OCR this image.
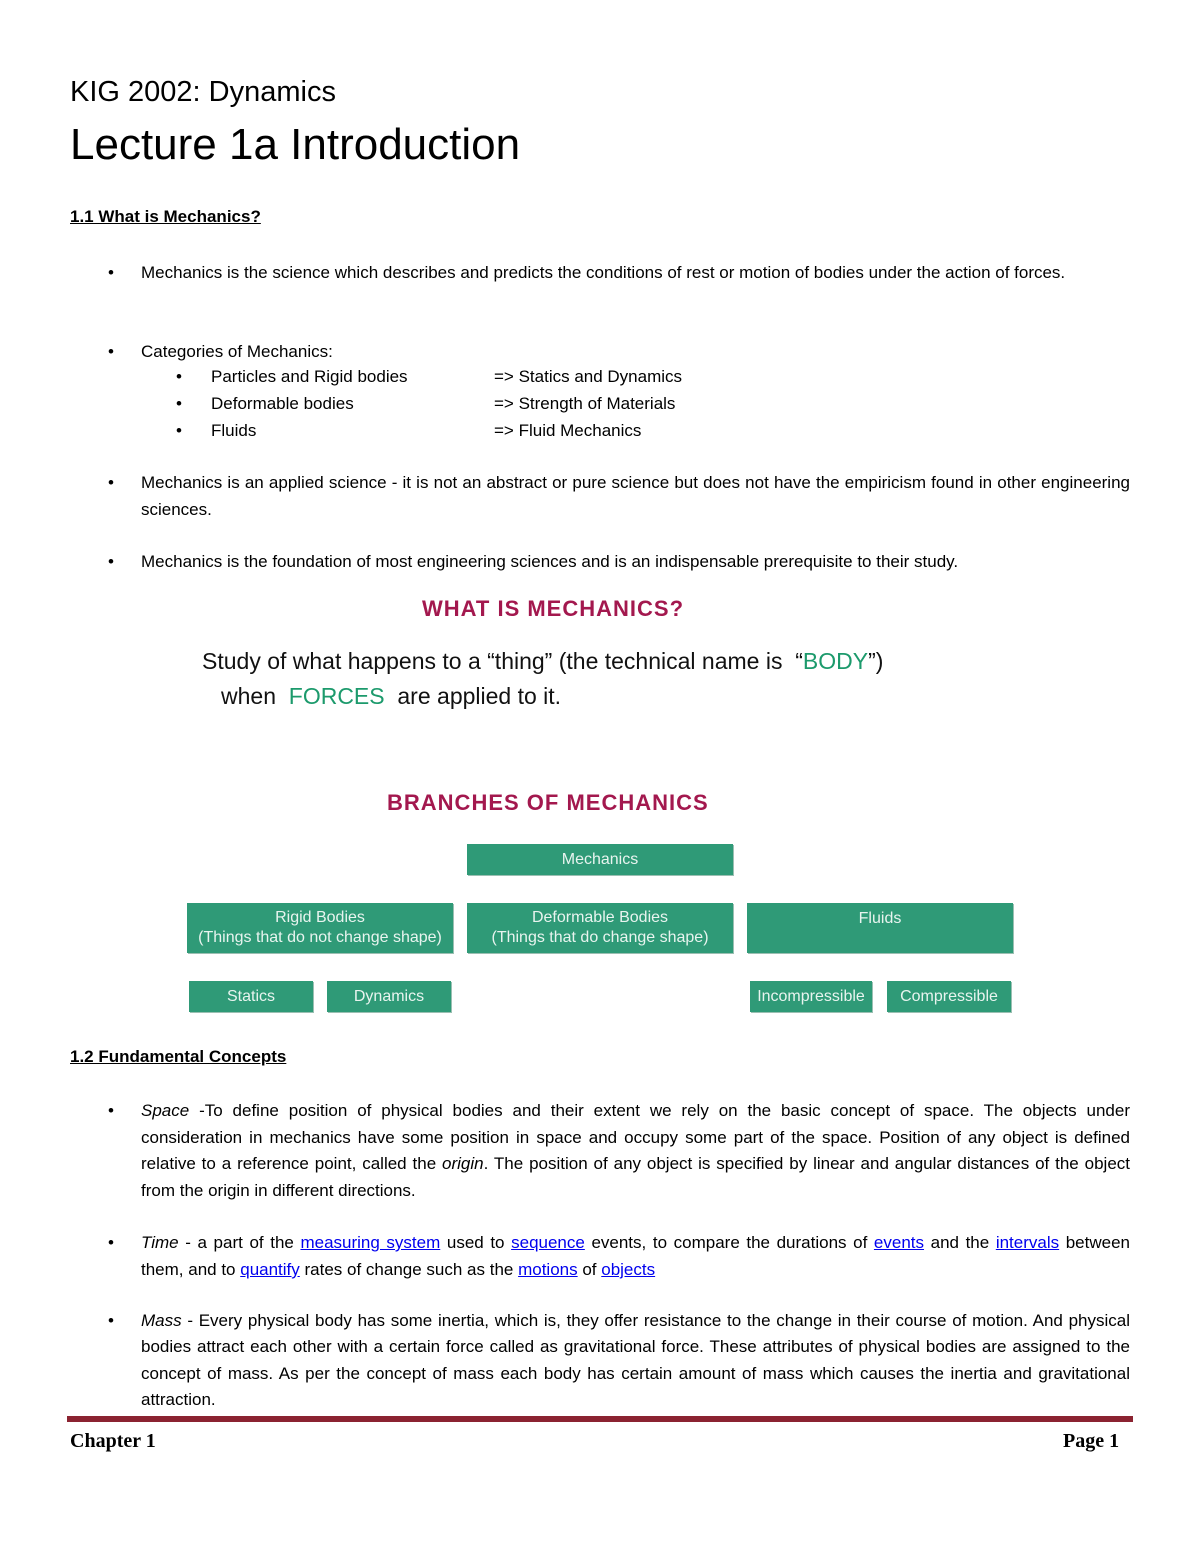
KIG 2002: Dynamics
Lecture 1a Introduction
1.1 What is Mechanics?
• Mechanics is the science which describes and predicts the conditions of rest or motion of bodies under the action of forces.
• Categories of Mechanics:
• Particles and Rigid bodies	=> Statics and Dynamics
• Deformable bodies	=> Strength of Materials
• Fluids	=> Fluid Mechanics
• Mechanics is an applied science - it is not an abstract or pure science but does not have the empiricism found in other engineering sciences.
• Mechanics is the foundation of most engineering sciences and is an indispensable prerequisite to their study.
WHAT IS MECHANICS?
Study of what happens to a “thing” (the technical name is  “BODY”)
when  FORCES  are applied to it.
BRANCHES OF MECHANICS
Mechanics
Rigid Bodies
(Things that do not change shape)
Deformable Bodies
(Things that do change shape)
Fluids
Statics	Dynamics	Incompressible Compressible
1.2 Fundamental Concepts
• Space -To define position of physical bodies and their extent we rely on the basic concept of space. The objects under consideration in mechanics have some position in space and occupy some part of the space. Position of any object is defined relative to a reference point, called the origin. The position of any object is specified by linear and angular distances of the object from the origin in different directions.
• Time - a part of the measuring system used to sequence events, to compare the durations of events and the intervals between them, and to quantify rates of change such as the motions of objects
• Mass - Every physical body has some inertia, which is, they offer resistance to the change in their course of motion. And physical bodies attract each other with a certain force called as gravitational force. These attributes of physical bodies are assigned to the concept of mass. As per the concept of mass each body has certain amount of mass which causes the inertia and gravitational attraction.
Chapter 1	Page 1
